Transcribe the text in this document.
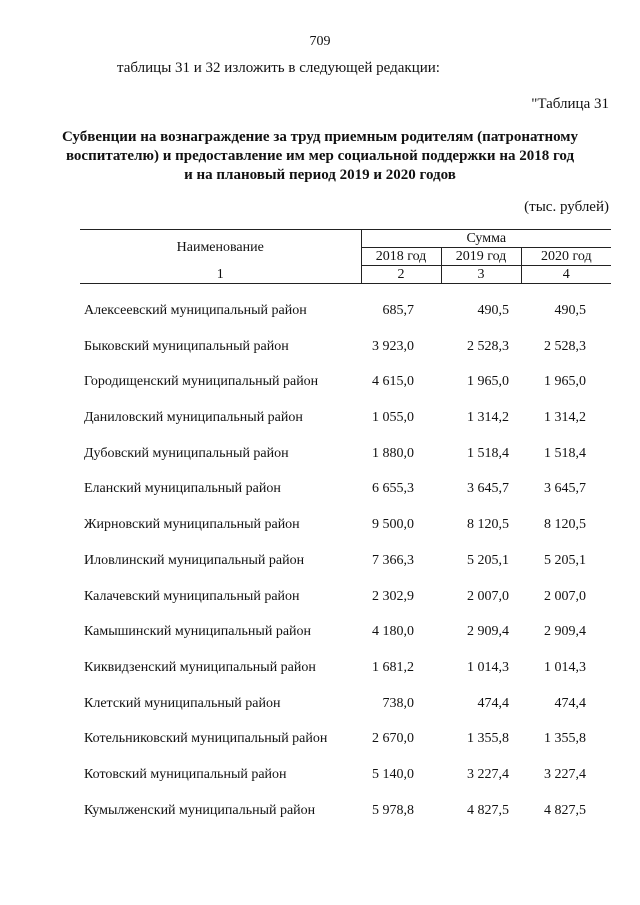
709
таблицы 31 и 32 изложить в следующей редакции:
"Таблица 31
Субвенции на вознаграждение за труд приемным родителям (патронатному
воспитателю) и предоставление им мер социальной поддержки на 2018 год
и на плановый период 2019 и 2020 годов
(тыс. рублей)
Наименование	Сумма		
	2018 год	2019 год	2020 год
1	2	3	4
Алексеевский муниципальный район	685,7	490,5	490,5
Быковский муниципальный район	3 923,0	2 528,3	2 528,3
Городищенский муниципальный район	4 615,0	1 965,0	1 965,0
Даниловский муниципальный район	1 055,0	1 314,2	1 314,2
Дубовский муниципальный район	1 880,0	1 518,4	1 518,4
Еланский муниципальный район	6 655,3	3 645,7	3 645,7
Жирновский муниципальный район	9 500,0	8 120,5	8 120,5
Иловлинский муниципальный район	7 366,3	5 205,1	5 205,1
Калачевский муниципальный район	2 302,9	2 007,0	2 007,0
Камышинский муниципальный район	4 180,0	2 909,4	2 909,4
Киквидзенский муниципальный район	1 681,2	1 014,3	1 014,3
Клетский муниципальный район	738,0	474,4	474,4
Котельниковский муниципальный район	2 670,0	1 355,8	1 355,8
Котовский муниципальный район	5 140,0	3 227,4	3 227,4
Кумылженский муниципальный район	5 978,8	4 827,5	4 827,5
